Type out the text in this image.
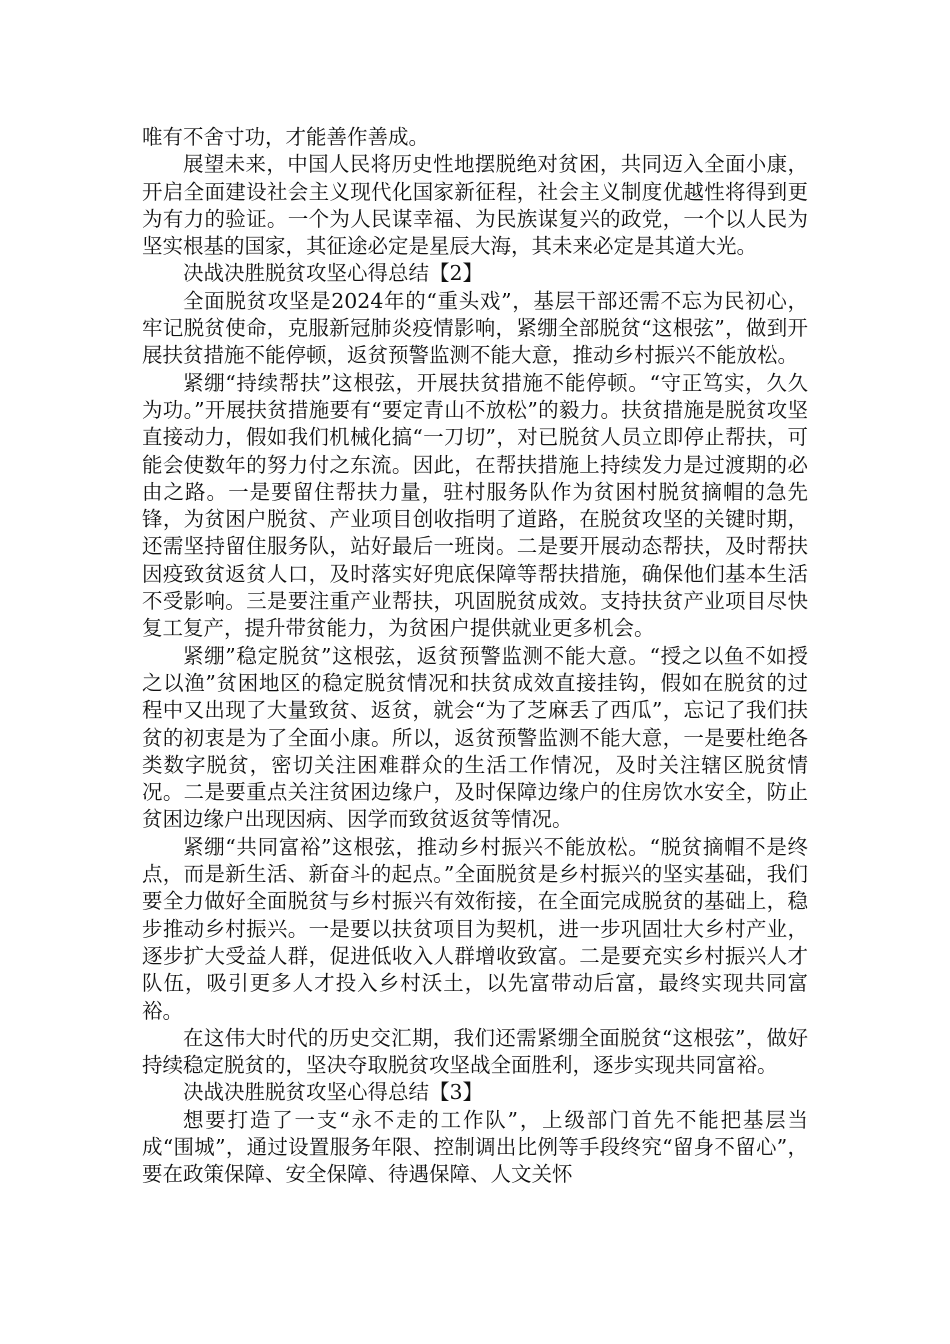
唯有不舍寸功，才能善作善成。

展望未来，中国人民将历史性地摆脱绝对贫困，共同迈入全面小康，开启全面建设社会主义现代化国家新征程，社会主义制度优越性将得到更为有力的验证。一个为人民谋幸福、为民族谋复兴的政党，一个以人民为坚实根基的国家，其征途必定是星辰大海，其未来必定是其道大光。

决战决胜脱贫攻坚心得总结【2】

全面脱贫攻坚是2024年的“重头戏”，基层干部还需不忘为民初心，牢记脱贫使命，克服新冠肺炎疫情影响，紧绷全部脱贫“这根弦”，做到开展扶贫措施不能停顿，返贫预警监测不能大意，推动乡村振兴不能放松。

紧绷“持续帮扶”这根弦，开展扶贫措施不能停顿。“守正笃实，久久为功。”开展扶贫措施要有“要定青山不放松”的毅力。扶贫措施是脱贫攻坚直接动力，假如我们机械化搞“一刀切”，对已脱贫人员立即停止帮扶，可能会使数年的努力付之东流。因此，在帮扶措施上持续发力是过渡期的必由之路。一是要留住帮扶力量，驻村服务队作为贫困村脱贫摘帽的急先锋，为贫困户脱贫、产业项目创收指明了道路，在脱贫攻坚的关键时期，还需坚持留住服务队，站好最后一班岗。二是要开展动态帮扶，及时帮扶因疫致贫返贫人口，及时落实好兜底保障等帮扶措施，确保他们基本生活不受影响。三是要注重产业帮扶，巩固脱贫成效。支持扶贫产业项目尽快复工复产，提升带贫能力，为贫困户提供就业更多机会。

紧绷”稳定脱贫”这根弦，返贫预警监测不能大意。“授之以鱼不如授之以渔”贫困地区的稳定脱贫情况和扶贫成效直接挂钩，假如在脱贫的过程中又出现了大量致贫、返贫，就会“为了芝麻丢了西瓜”，忘记了我们扶贫的初衷是为了全面小康。所以，返贫预警监测不能大意，一是要杜绝各类数字脱贫，密切关注困难群众的生活工作情况，及时关注辖区脱贫情况。二是要重点关注贫困边缘户，及时保障边缘户的住房饮水安全，防止贫困边缘户出现因病、因学而致贫返贫等情况。

紧绷“共同富裕”这根弦，推动乡村振兴不能放松。“脱贫摘帽不是终点，而是新生活、新奋斗的起点。”全面脱贫是乡村振兴的坚实基础，我们要全力做好全面脱贫与乡村振兴有效衔接，在全面完成脱贫的基础上，稳步推动乡村振兴。一是要以扶贫项目为契机，进一步巩固壮大乡村产业，逐步扩大受益人群，促进低收入人群增收致富。二是要充实乡村振兴人才队伍，吸引更多人才投入乡村沃土，以先富带动后富，最终实现共同富裕。

在这伟大时代的历史交汇期，我们还需紧绷全面脱贫“这根弦”，做好持续稳定脱贫的，坚决夺取脱贫攻坚战全面胜利，逐步实现共同富裕。

决战决胜脱贫攻坚心得总结【3】

想要打造了一支“永不走的工作队”，上级部门首先不能把基层当成“围城”，通过设置服务年限、控制调出比例等手段终究“留身不留心”，要在政策保障、安全保障、待遇保障、人文关怀
